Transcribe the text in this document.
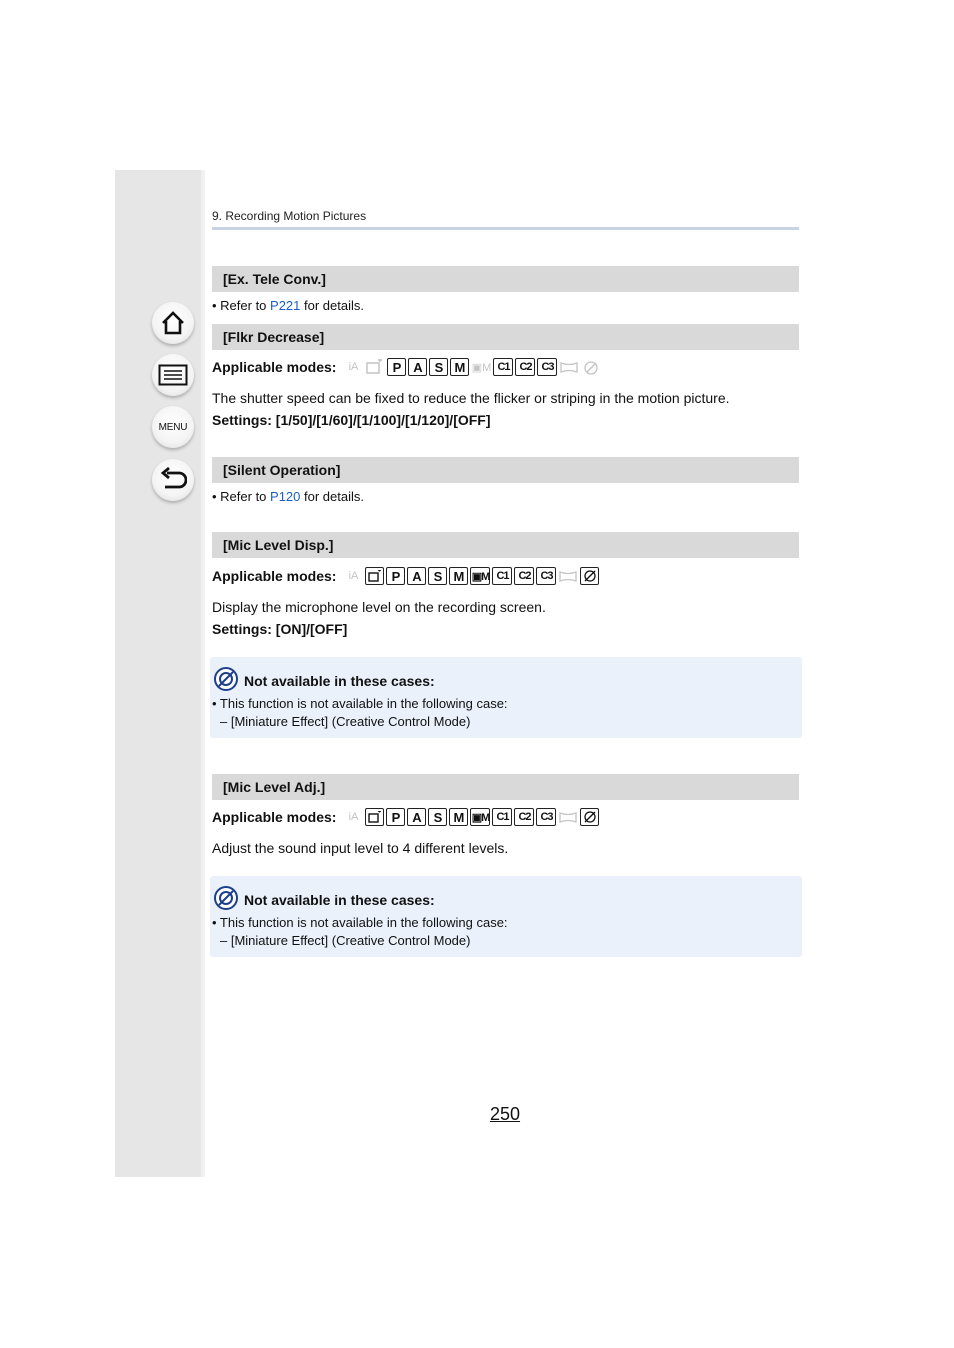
MENU
9. Recording Motion Pictures
[Ex. Tele Conv.]
• Refer to P221 for details.
[Flkr Decrease]
Applicable modes:	iA	P A S M ▣M C1 C2 C3
The shutter speed can be fixed to reduce the flicker or striping in the motion picture.
Settings: [1/50]/[1/60]/[1/100]/[1/120]/[OFF]
[Silent Operation]
• Refer to P120 for details.
[Mic Level Disp.]
Applicable modes:	iA	P A S M ▣M C1 C2 C3
Display the microphone level on the recording screen.
Settings: [ON]/[OFF]
Not available in these cases:
• This function is not available in the following case:
– [Miniature Effect] (Creative Control Mode)
[Mic Level Adj.]
Applicable modes:	iA	P A S M ▣M C1 C2 C3
Adjust the sound input level to 4 different levels.
Not available in these cases:
• This function is not available in the following case:
– [Miniature Effect] (Creative Control Mode)
250
